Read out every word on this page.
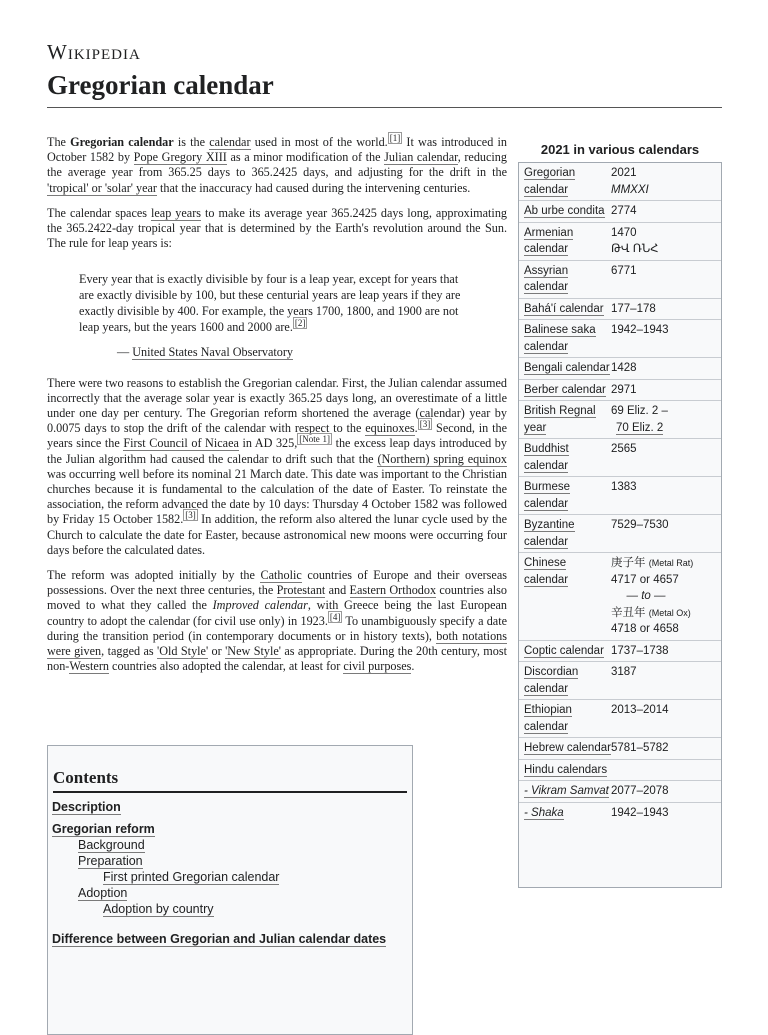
Wikipedia
Gregorian calendar

The Gregorian calendar is the calendar used in most of the world. [1] It was introduced in October 1582 by Pope Gregory XIII as a minor modification of the Julian calendar, reducing the average year from 365.25 days to 365.2425 days, and adjusting for the drift in the 'tropical' or 'solar' year that the inaccuracy had caused during the intervening centuries.

The calendar spaces leap years to make its average year 365.2425 days long, approximating the 365.2422-day tropical year that is determined by the Earth's revolution around the Sun. The rule for leap years is:

Every year that is exactly divisible by four is a leap year, except for years that are exactly divisible by 100, but these centurial years are leap years if they are exactly divisible by 400. For example, the years 1700, 1800, and 1900 are not leap years, but the years 1600 and 2000 are. [2]
— United States Naval Observatory

There were two reasons to establish the Gregorian calendar. First, the Julian calendar assumed incorrectly that the average solar year is exactly 365.25 days long, an overestimate of a little under one day per century. The Gregorian reform shortened the average (calendar) year by 0.0075 days to stop the drift of the calendar with respect to the equinoxes. [3] Second, in the years since the First Council of Nicaea in AD 325, [Note 1] the excess leap days introduced by the Julian algorithm had caused the calendar to drift such that the (Northern) spring equinox was occurring well before its nominal 21 March date. This date was important to the Christian churches because it is fundamental to the calculation of the date of Easter. To reinstate the association, the reform advanced the date by 10 days: Thursday 4 October 1582 was followed by Friday 15 October 1582. [3] In addition, the reform also altered the lunar cycle used by the Church to calculate the date for Easter, because astronomical new moons were occurring four days before the calculated dates.

The reform was adopted initially by the Catholic countries of Europe and their overseas possessions. Over the next three centuries, the Protestant and Eastern Orthodox countries also moved to what they called the Improved calendar, with Greece being the last European country to adopt the calendar (for civil use only) in 1923. [4] To unambiguously specify a date during the transition period (in contemporary documents or in history texts), both notations were given, tagged as 'Old Style' or 'New Style' as appropriate. During the 20th century, most non-Western countries also adopted the calendar, at least for civil purposes.

Contents
Description
Gregorian reform
Background
Preparation
First printed Gregorian calendar
Adoption
Adoption by country
Difference between Gregorian and Julian calendar dates
2021 in various calendars
Gregorian calendar
2021
MMXXI
Ab urbe condita 2774
Armenian calendar
1470
ԹՎ ՌՆՀ
Assyrian calendar
6771
Bahá'í calendar 177–178
Balinese saka calendar
1942–1943
Bengali calendar 1428
Berber calendar 2971
British Regnal year
69 Eliz. 2 –
70 Eliz. 2
Buddhist calendar
2565
Burmese calendar
1383
Byzantine calendar
7529–7530
Chinese calendar
庚子年 (Metal Rat)
4717 or 4657
— to —
辛丑年 (Metal Ox)
4718 or 4658
Coptic calendar 1737–1738
Discordian calendar
3187
Ethiopian calendar
2013–2014
Hebrew calendar 5781–5782
Hindu calendars
- Vikram Samvat 2077–2078
- Shaka	1942–1943
